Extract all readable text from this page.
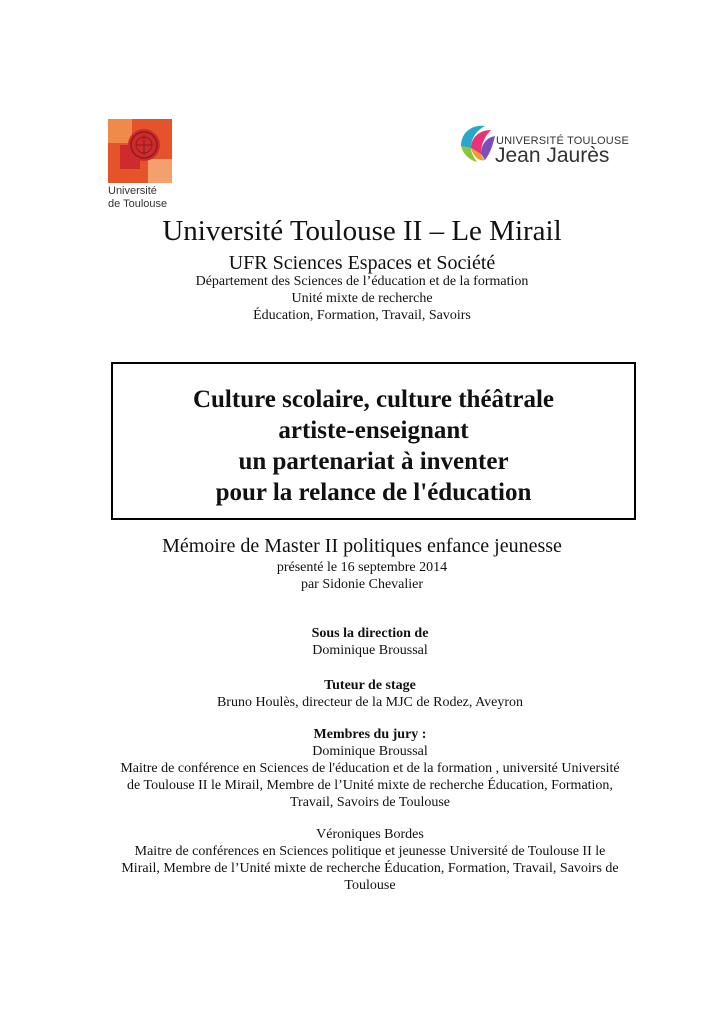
Université
de Toulouse
UNIVERSITÉ TOULOUSE
Jean Jaurès
Université Toulouse II – Le Mirail
UFR Sciences Espaces et Société
Département des Sciences de l’éducation et de la formation
Unité mixte de recherche
Éducation, Formation, Travail, Savoirs
Culture scolaire, culture théâtrale
artiste-enseignant
un partenariat à inventer
pour la relance de l'éducation
Mémoire de Master II politiques enfance jeunesse
présenté le 16 septembre 2014
par Sidonie Chevalier
Sous la direction de
Dominique Broussal
Tuteur de stage
Bruno Houlès, directeur de la MJC de Rodez, Aveyron
Membres du jury :
Dominique Broussal
Maitre de conférence en Sciences de l'éducation et de la formation , université Université
de Toulouse II le Mirail, Membre de l’Unité mixte de recherche Éducation, Formation,
Travail, Savoirs de Toulouse
Véroniques Bordes
Maitre de conférences en Sciences politique et jeunesse Université de Toulouse II le
Mirail, Membre de l’Unité mixte de recherche Éducation, Formation, Travail, Savoirs de
Toulouse
